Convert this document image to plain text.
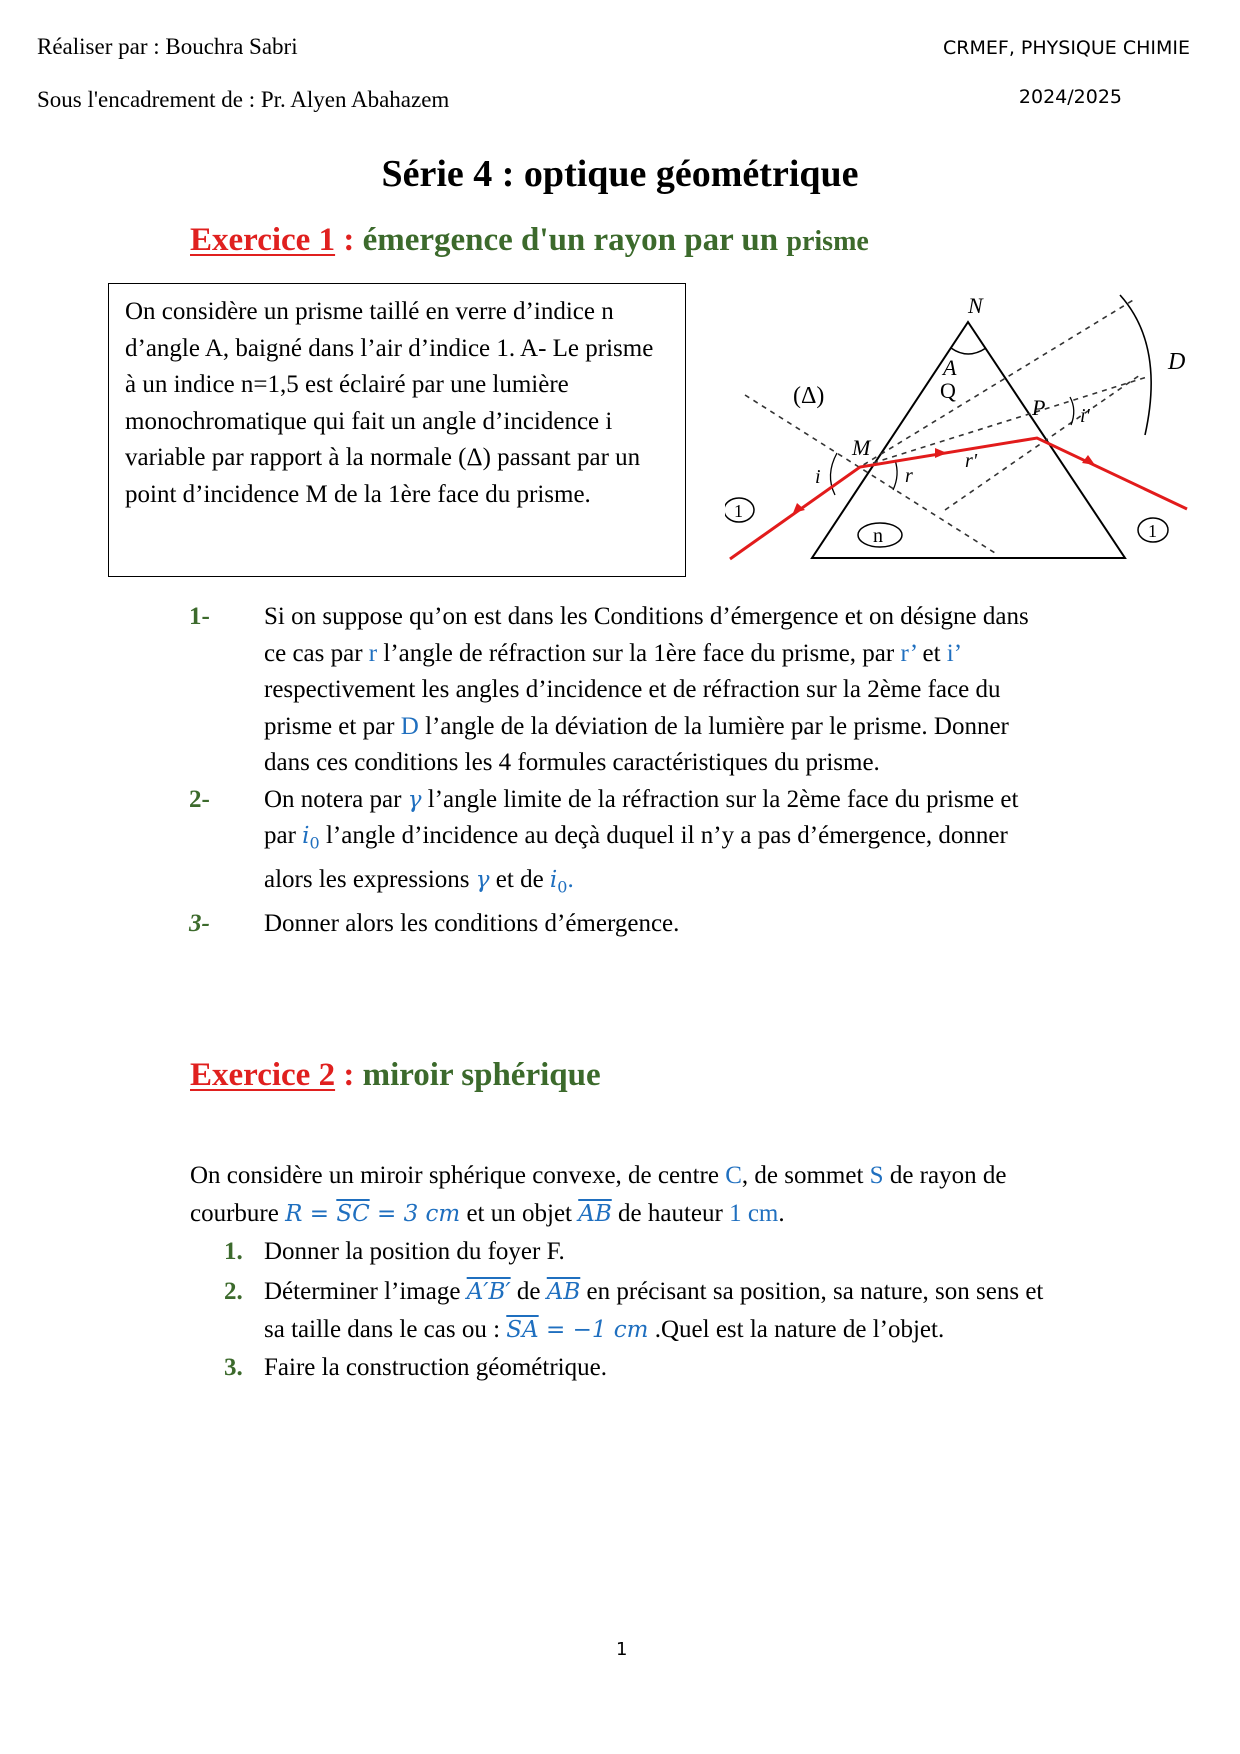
Réaliser par : Bouchra Sabri
Sous l'encadrement de : Pr. Alyen Abahazem
CRMEF, PHYSIQUE CHIMIE
2024/2025
Série 4 : optique géométrique
Exercice 1 : émergence d'un rayon par un prisme
On considère un prisme taillé en verre d’indice n d’angle A, baigné dans l’air d’indice 1. A- Le prisme à un indice n=1,5 est éclairé par une lumière monochromatique qui fait un angle d’incidence i variable par rapport à la normale (Δ) passant par un point d’incidence M de la 1ère face du prisme.
N
A
Q
P
M
D
(Δ)
i	r
r'
i'
n
1
1
1- Si on suppose qu’on est dans les Conditions d’émergence et on désigne dans ce cas par r l’angle de réfraction sur la 1ère face du prisme, par r’ et i’ respectivement les angles d’incidence et de réfraction sur la 2ème face du prisme et par D l’angle de la déviation de la lumière par le prisme. Donner dans ces conditions les 4 formules caractéristiques du prisme.
2- On notera par γ l’angle limite de la réfraction sur la 2ème face du prisme et par $i_0$ l’angle d’incidence au deçà duquel il n’y a pas d’émergence, donner alors les expressions γ et de $i_0$.
3- Donner alors les conditions d’émergence.
Exercice 2 : miroir sphérique
On considère un miroir sphérique convexe, de centre C, de sommet S de rayon de courbure $R = \overline{SC} = 3$ cm et un objet $\overline{AB}$ de hauteur 1 cm.
1. Donner la position du foyer F.
2. Déterminer l’image A′B′ de $\overline{AB}$ en précisant sa position, sa nature, son sens et sa taille dans le cas ou : $\overline{SA} = -1$ cm .Quel est la nature de l’objet.
3. Faire la construction géométrique.
1
